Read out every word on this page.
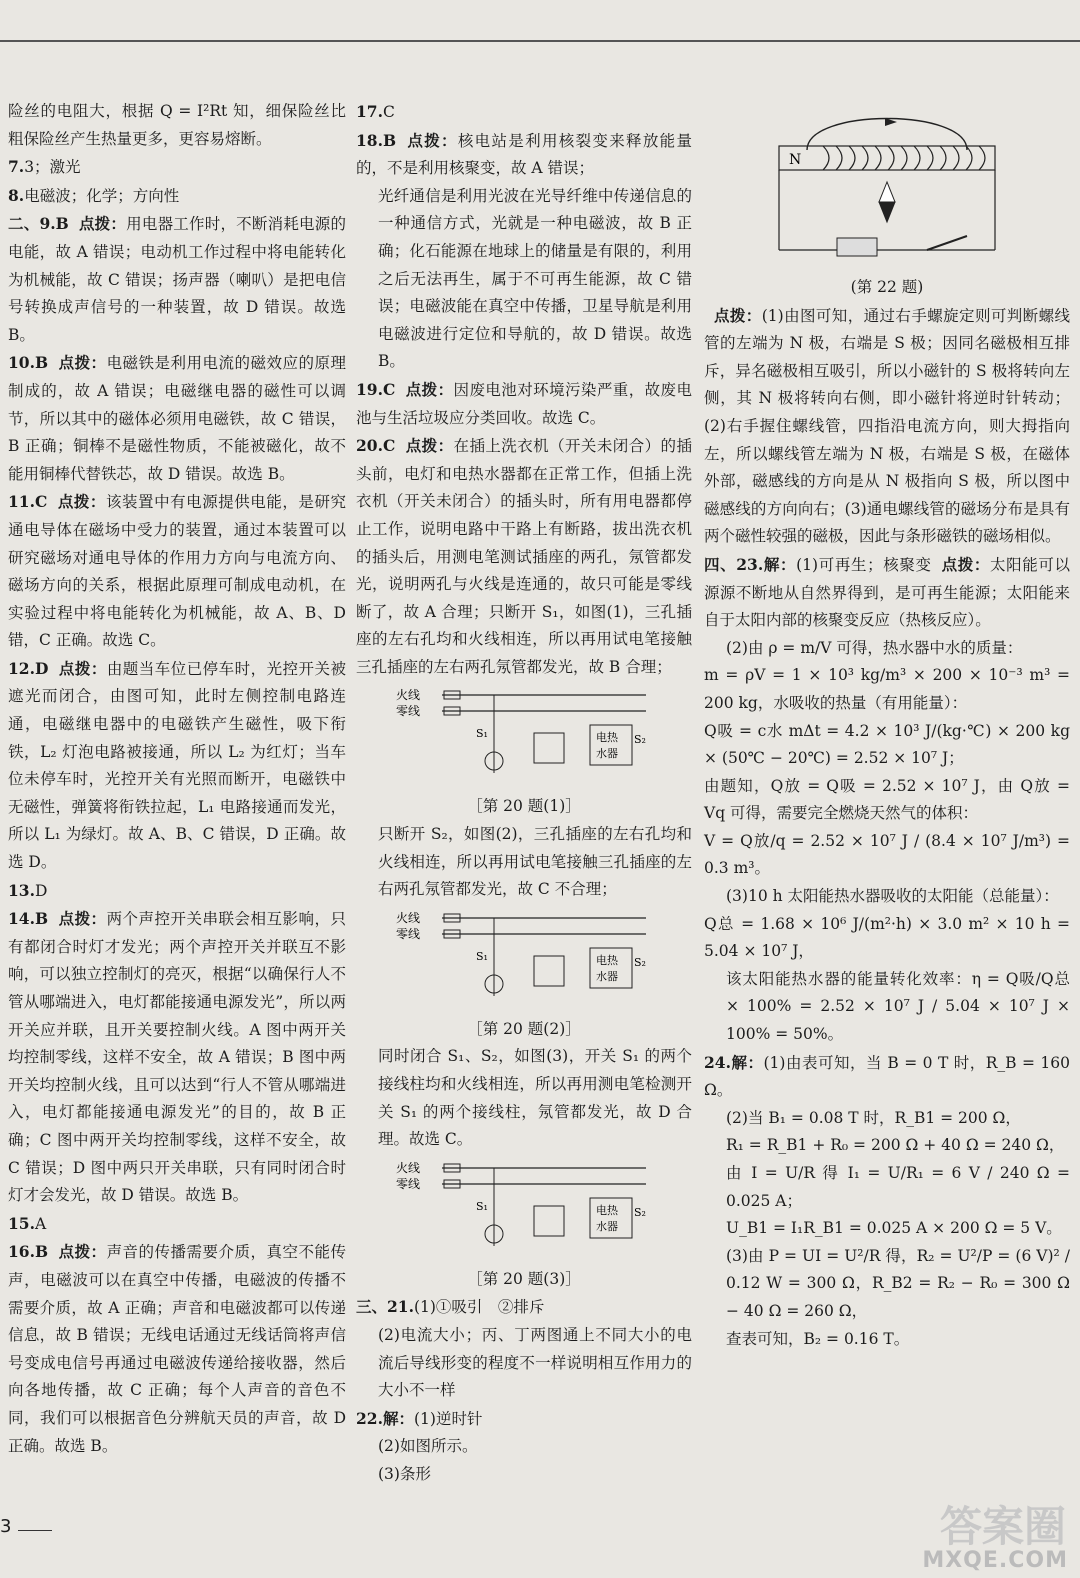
险丝的电阻大，根据 Q = I²Rt 知，细保险丝比粗保险丝产生热量更多，更容易熔断。

7.3；激光

8.电磁波；化学；方向性

二、9.B 点拨：用电器工作时，不断消耗电源的电能，故 A 错误；电动机工作过程中将电能转化为机械能，故 C 错误；扬声器（喇叭）是把电信号转换成声信号的一种装置，故 D 错误。故选 B。

10.B 点拨：电磁铁是利用电流的磁效应的原理制成的，故 A 错误；电磁继电器的磁性可以调节，所以其中的磁体必须用电磁铁，故 C 错误，B 正确；铜棒不是磁性物质，不能被磁化，故不能用铜棒代替铁芯，故 D 错误。故选 B。

11.C 点拨：该装置中有电源提供电能，是研究通电导体在磁场中受力的装置，通过本装置可以研究磁场对通电导体的作用力方向与电流方向、磁场方向的关系，根据此原理可制成电动机，在实验过程中将电能转化为机械能，故 A、B、D 错，C 正确。故选 C。

12.D 点拨：由题当车位已停车时，光控开关被遮光而闭合，由图可知，此时左侧控制电路连通，电磁继电器中的电磁铁产生磁性，吸下衔铁，L₂ 灯泡电路被接通，所以 L₂ 为红灯；当车位未停车时，光控开关有光照而断开，电磁铁中无磁性，弹簧将衔铁拉起，L₁ 电路接通而发光，所以 L₁ 为绿灯。故 A、B、C 错误，D 正确。故选 D。

13.D

14.B 点拨：两个声控开关串联会相互影响，只有都闭合时灯才发光；两个声控开关并联互不影响，可以独立控制灯的亮灭，根据“以确保行人不管从哪端进入，电灯都能接通电源发光”，所以两开关应并联，且开关要控制火线。A 图中两开关均控制零线，这样不安全，故 A 错误；B 图中两开关均控制火线，且可以达到“行人不管从哪端进入，电灯都能接通电源发光”的目的，故 B 正确；C 图中两开关均控制零线，这样不安全，故 C 错误；D 图中两只开关串联，只有同时闭合时灯才会发光，故 D 错误。故选 B。

15.A

16.B 点拨：声音的传播需要介质，真空不能传声，电磁波可以在真空中传播，电磁波的传播不需要介质，故 A 正确；声音和电磁波都可以传递信息，故 B 错误；无线电话通过无线话筒将声信号变成电信号再通过电磁波传递给接收器，然后向各地传播，故 C 正确；每个人声音的音色不同，我们可以根据音色分辨航天员的声音，故 D 正确。故选 B。

17.C

18.B 点拨：核电站是利用核裂变来释放能量的，不是利用核聚变，故 A 错误；

光纤通信是利用光波在光导纤维中传递信息的一种通信方式，光就是一种电磁波，故 B 正确；化石能源在地球上的储量是有限的，利用之后无法再生，属于不可再生能源，故 C 错误；电磁波能在真空中传播，卫星导航是利用电磁波进行定位和导航的，故 D 错误。故选 B。

19.C 点拨：因废电池对环境污染严重，故废电池与生活垃圾应分类回收。故选 C。

20.C 点拨：在插上洗衣机（开关未闭合）的插头前，电灯和电热水器都在正常工作，但插上洗衣机（开关未闭合）的插头时，所有用电器都停止工作，说明电路中干路上有断路，拔出洗衣机的插头后，用测电笔测试插座的两孔，氖管都发光，说明两孔与火线是连通的，故只可能是零线断了，故 A 合理；只断开 S₁，如图(1)，三孔插座的左右孔均和火线相连，所以再用试电笔接触三孔插座的左右两孔氖管都发光，故 B 合理；

火线
零线
S₁	电热
水器
S₂

［第 20 题(1)］

只断开 S₂，如图(2)，三孔插座的左右孔均和火线相连，所以再用试电笔接触三孔插座的左右两孔氖管都发光，故 C 不合理；

火线
零线
S₁	电热
水器
S₂

［第 20 题(2)］

同时闭合 S₁、S₂，如图(3)，开关 S₁ 的两个接线柱均和火线相连，所以再用测电笔检测开关 S₁ 的两个接线柱，氖管都发光，故 D 合理。故选 C。

火线
零线
S₁	电热
水器
S₂

［第 20 题(3)］

三、21.(1)①吸引　②排斥

(2)电流大小；丙、丁两图通上不同大小的电流后导线形变的程度不一样说明相互作用力的大小不一样

22.解：(1)逆时针

(2)如图所示。

(3)条形

N

(第 22 题)

点拨：(1)由图可知，通过右手螺旋定则可判断螺线管的左端为 N 极，右端是 S 极；因同名磁极相互排斥，异名磁极相互吸引，所以小磁针的 S 极将转向左侧，其 N 极将转向右侧，即小磁针将逆时针转动；(2)右手握住螺线管，四指沿电流方向，则大拇指向左，所以螺线管左端为 N 极，右端是 S 极，在磁体外部，磁感线的方向是从 N 极指向 S 极，所以图中磁感线的方向向右；(3)通电螺线管的磁场分布是具有两个磁性较强的磁极，因此与条形磁铁的磁场相似。

四、23.解：(1)可再生；核聚变 点拨：太阳能可以源源不断地从自然界得到，是可再生能源；太阳能来自于太阳内部的核聚变反应（热核反应）。

(2)由 ρ = m/V 可得，热水器中水的质量：

m = ρV = 1 × 10³ kg/m³ × 200 × 10⁻³ m³ = 200 kg，水吸收的热量（有用能量）：

Q吸 = c水 mΔt = 4.2 × 10³ J/(kg·℃) × 200 kg × (50℃ − 20℃) = 2.52 × 10⁷ J；

由题知，Q放 = Q吸 = 2.52 × 10⁷ J，由 Q放 = Vq 可得，需要完全燃烧天然气的体积：

V = Q放/q = 2.52 × 10⁷ J / (8.4 × 10⁷ J/m³) = 0.3 m³。

(3)10 h 太阳能热水器吸收的太阳能（总能量）：

Q总 = 1.68 × 10⁶ J/(m²·h) × 3.0 m² × 10 h = 5.04 × 10⁷ J，

该太阳能热水器的能量转化效率：η = Q吸/Q总 × 100% = 2.52 × 10⁷ J / 5.04 × 10⁷ J × 100% = 50%。

24.解：(1)由表可知，当 B = 0 T 时，R_B = 160 Ω。

(2)当 B₁ = 0.08 T 时，R_B1 = 200 Ω，

R₁ = R_B1 + R₀ = 200 Ω + 40 Ω = 240 Ω，

由 I = U/R 得 I₁ = U/R₁ = 6 V / 240 Ω = 0.025 A；

U_B1 = I₁R_B1 = 0.025 A × 200 Ω = 5 V。

(3)由 P = UI = U²/R 得，R₂ = U²/P = (6 V)² / 0.12 W = 300 Ω，R_B2 = R₂ − R₀ = 300 Ω − 40 Ω = 260 Ω，

查表可知，B₂ = 0.16 T。

3	答案圈
MXQE.COM
